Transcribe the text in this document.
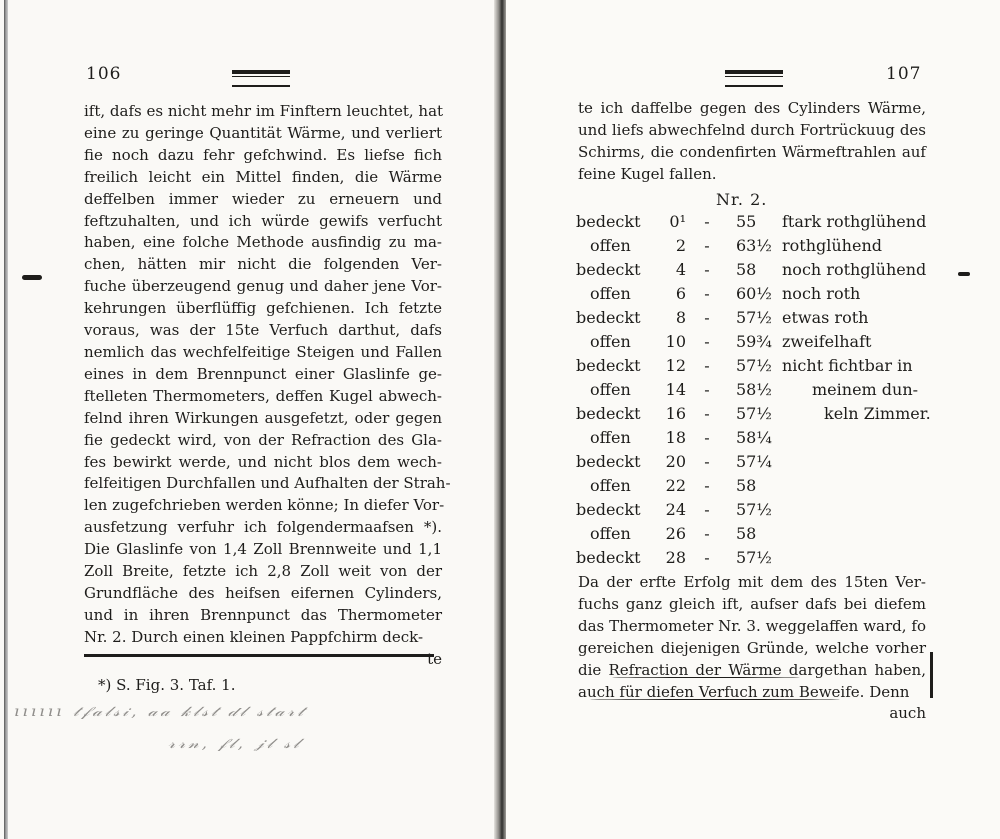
106
ift, dafs es nicht mehr im Finftern leuchtet, hat
eine zu geringe Quantität Wärme, und verliert
fie noch dazu fehr gefchwind. Es liefse fich
freilich leicht ein Mittel finden, die Wärme
deffelben immer wieder zu erneuern und
feftzuhalten, und ich würde gewifs verfucht
haben, eine folche Methode ausfindig zu ma-
chen, hätten mir nicht die folgenden Ver-
fuche überzeugend genug und daher jene Vor-
kehrungen überflüffig gefchienen. Ich fetzte
voraus, was der 15te Verfuch darthut, dafs
nemlich das wechfelfeitige Steigen und Fallen
eines in dem Brennpunct einer Glaslinfe ge-
ftelleten Thermometers, deffen Kugel abwech-
felnd ihren Wirkungen ausgefetzt, oder gegen
fie gedeckt wird, von der Refraction des Gla-
fes bewirkt werde, und nicht blos dem wech-
felfeitigen Durchfallen und Aufhalten der Strah-
len zugefchrieben werden könne; In diefer Vor-
ausfetzung verfuhr ich folgendermaafsen *).
Die Glaslinfe von 1,4 Zoll Brennweite und 1,1
Zoll Breite, fetzte ich 2,8 Zoll weit von der
Grundfläche des heifsen eifernen Cylinders,
und in ihren Brennpunct das Thermometer
Nr. 2. Durch einen kleinen Pappfchirm deck-
te
*) S. Fig. 3. Taf. 1.
ıııııı 𝓉𝒻𝒶𝓁𝓈𝒾, 𝒶𝒶 𝓀𝓁𝓈𝓉 𝒹𝓁 𝓈𝓉𝒶𝓇𝓉
𝓇𝓇𝓃, 𝒻𝓁, 𝒿𝓁 𝓈𝓁
107
te ich daffelbe gegen des Cylinders Wärme,
und liefs abwechfelnd durch Fortrückuug des
Schirms, die condenfirten Wärmeftrahlen auf
feine Kugel fallen.
Nr. 2.
bedeckt	0¹ - 55	ftark rothglühend
offen	2 - 63½ rothglühend
bedeckt	4 - 58	noch rothglühend
offen	6 - 60½ noch roth
bedeckt	8 - 57½ etwas roth
offen	10 - 59¾ zweifelhaft
bedeckt	12 - 57½ nicht fichtbar in
offen	14 - 58½	meinem dun-
bedeckt	16 - 57½	keln Zimmer.
offen	18 - 58¼
bedeckt	20 - 57¼
offen	22 - 58
bedeckt	24 - 57½
offen	26 - 58
bedeckt	28 - 57½
Da der erfte Erfolg mit dem des 15ten Ver-
fuchs ganz gleich ift, aufser dafs bei diefem
das Thermometer Nr. 3. weggelaffen ward, fo
gereichen diejenigen Gründe, welche vorher
die Refraction der Wärme dargethan haben,
auch für diefen Verfuch zum Beweife. Denn
auch
